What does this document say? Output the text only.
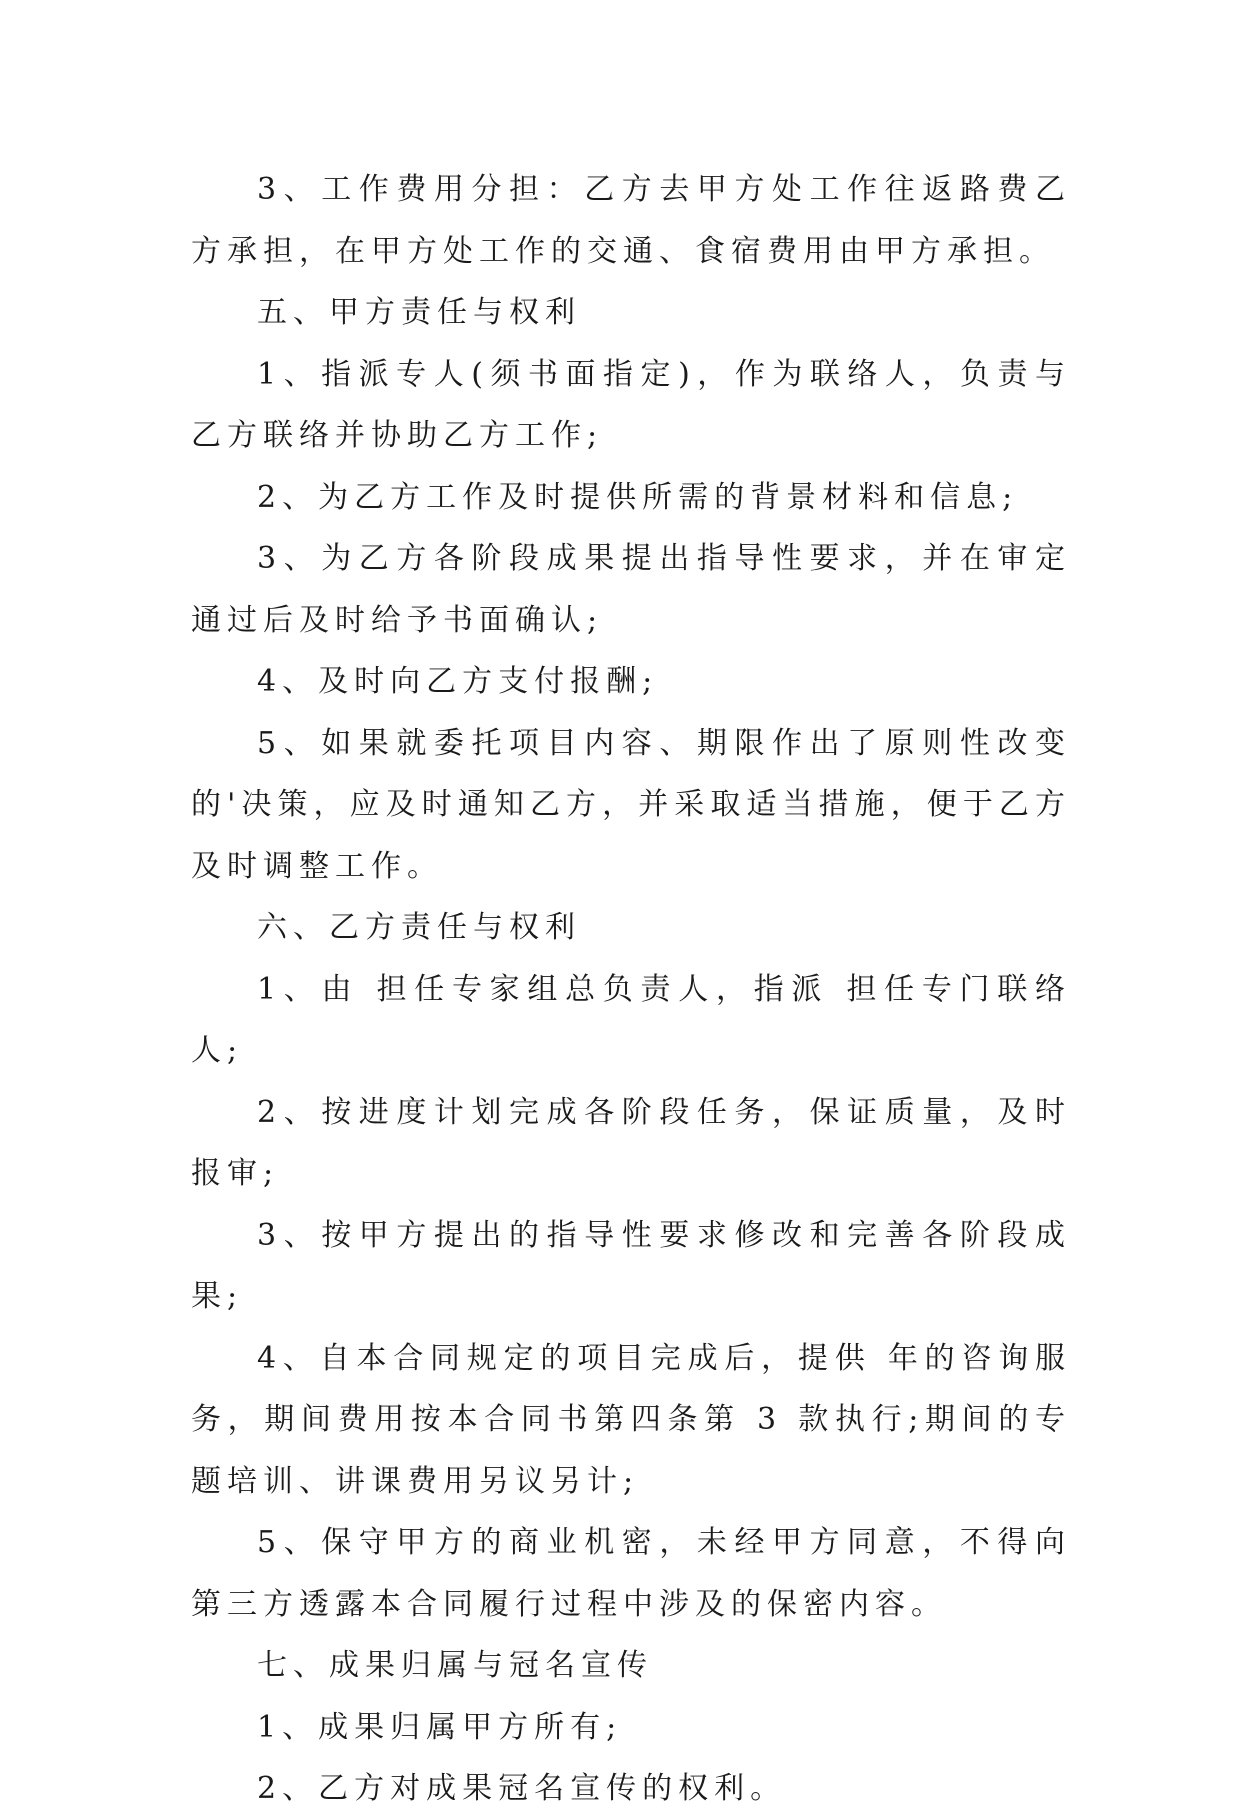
3、工作费用分担：乙方去甲方处工作往返路费乙方承担，在甲方处工作的交通、食宿费用由甲方承担。

五、甲方责任与权利

1、指派专人(须书面指定)，作为联络人，负责与乙方联络并协助乙方工作;

2、为乙方工作及时提供所需的背景材料和信息;

3、为乙方各阶段成果提出指导性要求，并在审定通过后及时给予书面确认;

4、及时向乙方支付报酬;

5、如果就委托项目内容、期限作出了原则性改变的'决策，应及时通知乙方，并采取适当措施，便于乙方及时调整工作。

六、乙方责任与权利

1、由 担任专家组总负责人，指派 担任专门联络人;

2、按进度计划完成各阶段任务，保证质量，及时报审;

3、按甲方提出的指导性要求修改和完善各阶段成果;

4、自本合同规定的项目完成后，提供 年的咨询服务，期间费用按本合同书第四条第 3 款执行;期间的专题培训、讲课费用另议另计;

5、保守甲方的商业机密，未经甲方同意，不得向第三方透露本合同履行过程中涉及的保密内容。

七、成果归属与冠名宣传

1、成果归属甲方所有;

2、乙方对成果冠名宣传的权利。
